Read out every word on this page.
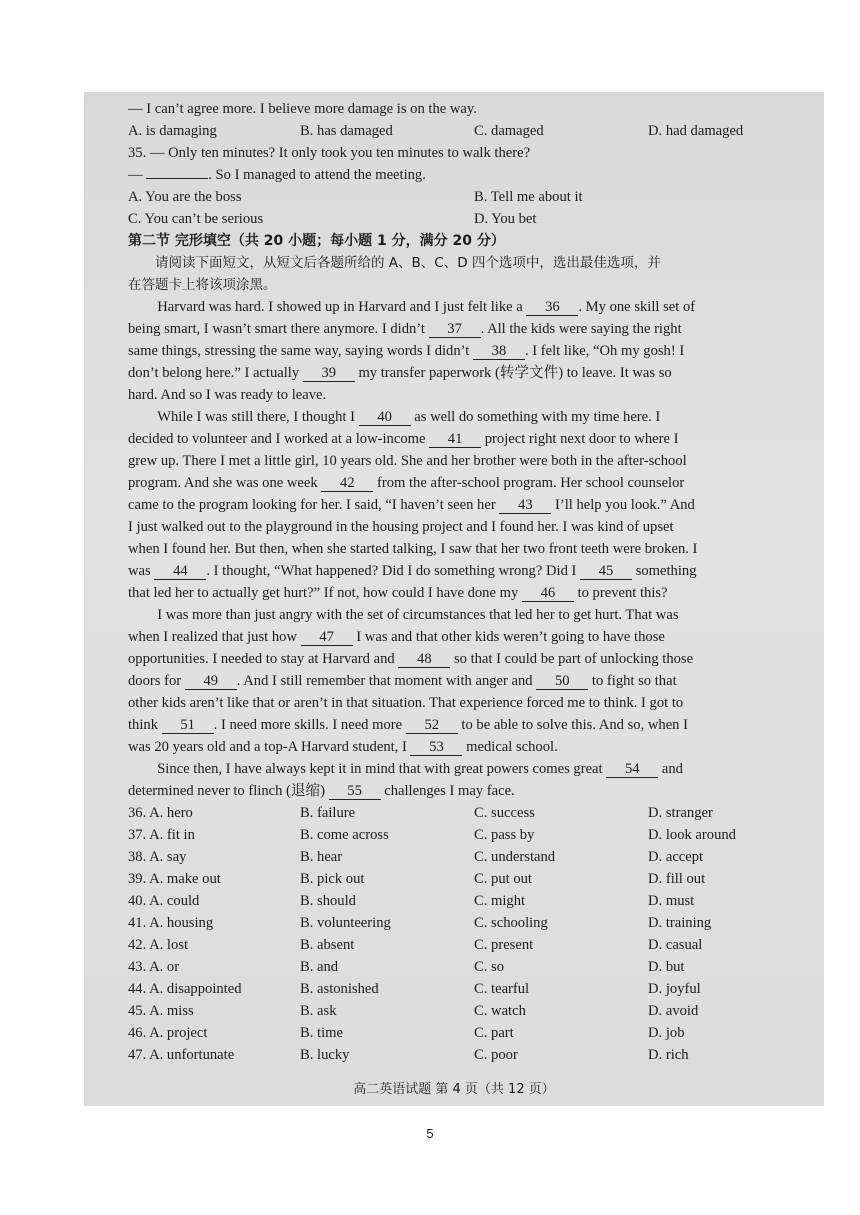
— I can’t agree more. I believe more damage is on the way.
A. is damaging	B. has damaged	C. damaged	D. had damaged
35. — Only ten minutes? It only took you ten minutes to walk there?
—	. So I managed to attend the meeting.
A. You are the boss	B. Tell me about it
C. You can’t be serious	D. You bet
第二节 完形填空（共 20 小题；每小题 1 分，满分 20 分）
请阅读下面短文，从短文后各题所给的 A、B、C、D 四个选项中，选出最佳选项，并
在答题卡上将该项涂黑。
Harvard was hard. I showed up in Harvard and I just felt like a 36 . My one skill set of
being smart, I wasn’t smart there anymore. I didn’t 37 . All the kids were saying the right
same things, stressing the same way, saying words I didn’t 38 . I felt like, “Oh my gosh! I
don’t belong here.” I actually 39 my transfer paperwork (转学文件) to leave. It was so
hard. And so I was ready to leave.
While I was still there, I thought I 40 as well do something with my time here. I
decided to volunteer and I worked at a low-income 41 project right next door to where I
grew up. There I met a little girl, 10 years old. She and her brother were both in the after-school
program. And she was one week 42 from the after-school program. Her school counselor
came to the program looking for her. I said, “I haven’t seen her 43 I’ll help you look.” And
I just walked out to the playground in the housing project and I found her. I was kind of upset
when I found her. But then, when she started talking, I saw that her two front teeth were broken. I
was 44 . I thought, “What happened? Did I do something wrong? Did I 45 something
that led her to actually get hurt?” If not, how could I have done my 46 to prevent this?
I was more than just angry with the set of circumstances that led her to get hurt. That was
when I realized that just how 47 I was and that other kids weren’t going to have those
opportunities. I needed to stay at Harvard and 48 so that I could be part of unlocking those
doors for 49 . And I still remember that moment with anger and 50 to fight so that
other kids aren’t like that or aren’t in that situation. That experience forced me to think. I got to
think 51 . I need more skills. I need more 52 to be able to solve this. And so, when I
was 20 years old and a top-A Harvard student, I 53 medical school.
Since then, I have always kept it in mind that with great powers comes great 54 and
determined never to flinch (退缩) 55 challenges I may face.
36. A. hero	B. failure	C. success	D. stranger
37. A. fit in	B. come across	C. pass by	D. look around
38. A. say	B. hear	C. understand	D. accept
39. A. make out	B. pick out	C. put out	D. fill out
40. A. could	B. should	C. might	D. must
41. A. housing	B. volunteering	C. schooling	D. training
42. A. lost	B. absent	C. present	D. casual
43. A. or	B. and	C. so	D. but
44. A. disappointed	B. astonished	C. tearful	D. joyful
45. A. miss	B. ask	C. watch	D. avoid
46. A. project	B. time	C. part	D. job
47. A. unfortunate	B. lucky	C. poor	D. rich
高二英语试题 第 4 页（共 12 页）
5
